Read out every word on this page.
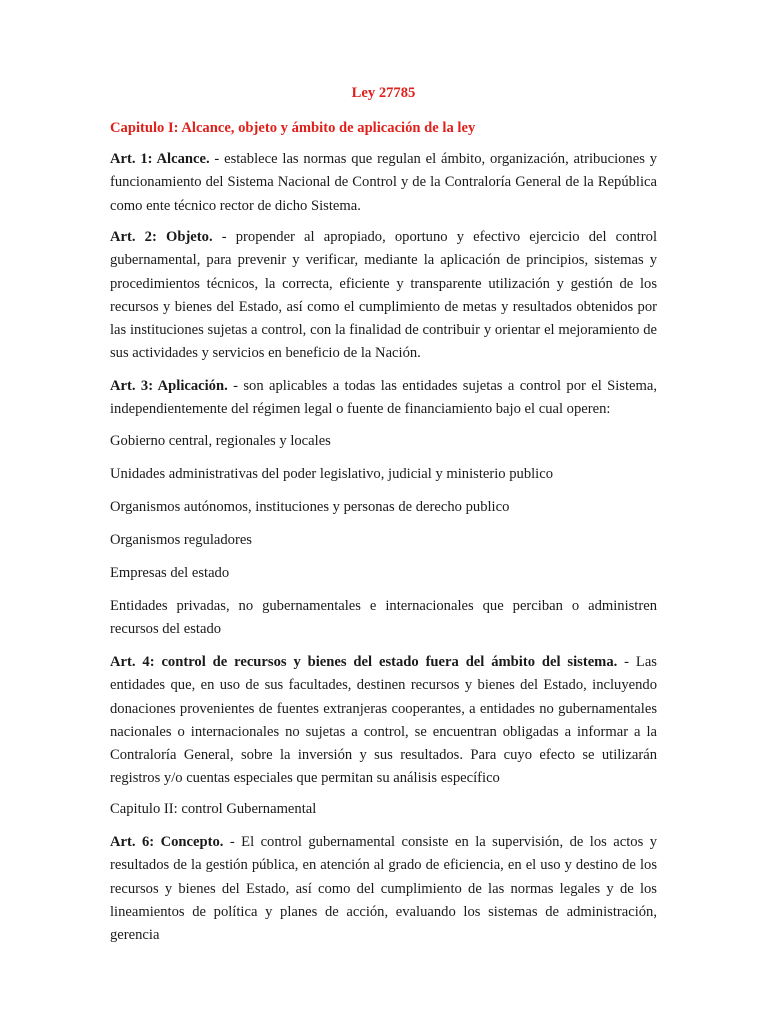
Ley 27785
Capitulo I: Alcance, objeto y ámbito de aplicación de la ley

Art. 1: Alcance. - establece las normas que regulan el ámbito, organización, atribuciones y funcionamiento del Sistema Nacional de Control y de la Contraloría General de la República como ente técnico rector de dicho Sistema.

Art. 2: Objeto. - propender al apropiado, oportuno y efectivo ejercicio del control gubernamental, para prevenir y verificar, mediante la aplicación de principios, sistemas y procedimientos técnicos, la correcta, eficiente y transparente utilización y gestión de los recursos y bienes del Estado, así como el cumplimiento de metas y resultados obtenidos por las instituciones sujetas a control, con la finalidad de contribuir y orientar el mejoramiento de sus actividades y servicios en beneficio de la Nación.

Art. 3: Aplicación. - son aplicables a todas las entidades sujetas a control por el Sistema, independientemente del régimen legal o fuente de financiamiento bajo el cual operen:

Gobierno central, regionales y locales

Unidades administrativas del poder legislativo, judicial y ministerio publico

Organismos autónomos, instituciones y personas de derecho publico

Organismos reguladores

Empresas del estado

Entidades privadas, no gubernamentales e internacionales que perciban o administren recursos del estado

Art. 4: control de recursos y bienes del estado fuera del ámbito del sistema. - Las entidades que, en uso de sus facultades, destinen recursos y bienes del Estado, incluyendo donaciones provenientes de fuentes extranjeras cooperantes, a entidades no gubernamentales nacionales o internacionales no sujetas a control, se encuentran obligadas a informar a la Contraloría General, sobre la inversión y sus resultados. Para cuyo efecto se utilizarán registros y/o cuentas especiales que permitan su análisis específico

Capitulo II: control Gubernamental

Art. 6: Concepto. - El control gubernamental consiste en la supervisión, de los actos y resultados de la gestión pública, en atención al grado de eficiencia, en el uso y destino de los recursos y bienes del Estado, así como del cumplimiento de las normas legales y de los lineamientos de política y planes de acción, evaluando los sistemas de administración, gerencia
